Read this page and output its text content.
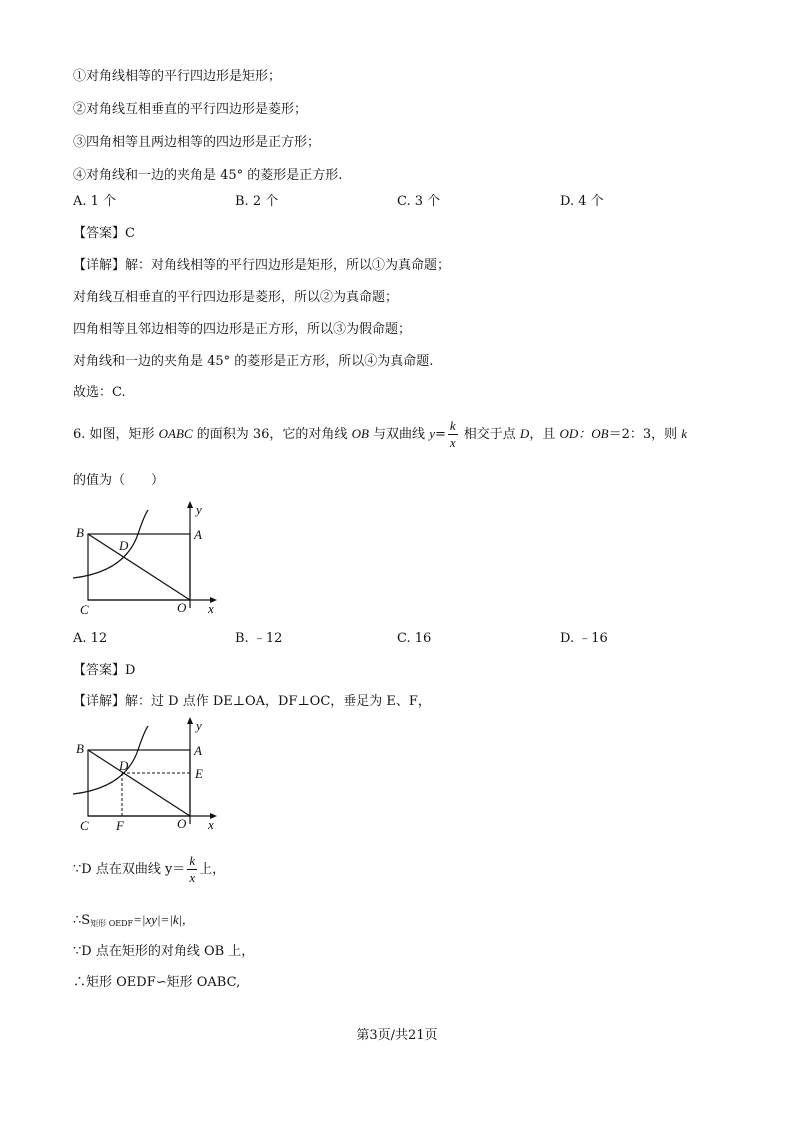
①对角线相等的平行四边形是矩形；
②对角线互相垂直的平行四边形是菱形；
③四角相等且两边相等的四边形是正方形；
④对角线和一边的夹角是 45° 的菱形是正方形.
A. 1 个	B. 2 个	C. 3 个	D. 4 个
【答案】C
【详解】解：对角线相等的平行四边形是矩形，所以①为真命题；
对角线互相垂直的平行四边形是菱形，所以②为真命题；
四角相等且邻边相等的四边形是正方形，所以③为假命题；
对角线和一边的夹角是 45° 的菱形是正方形，所以④为真命题.
故选：C.
6. 如图，矩形 OABC 的面积为 36，它的对角线 OB 与双曲线 $y= \frac{k}{x}$ 相交于点 D，且 OD：OB＝2：3，则 k
的值为（　　）
B	A
D
C	O x
y
A. 12	B. ﹣12	C. 16	D. ﹣16
【答案】D
【详解】解：过 D 点作 DE⊥OA，DF⊥OC，垂足为 E、F，
B	A
D
E
F
C	O x
y
∵D 点在双曲线 $y= \frac{k}{x}$ 上，
$\therefore S_{矩形 OEDF}=|xy|=|k|$,
∵D 点在矩形的对角线 OB 上，
∴矩形 OEDF∽矩形 OABC,
第3页/共21页
